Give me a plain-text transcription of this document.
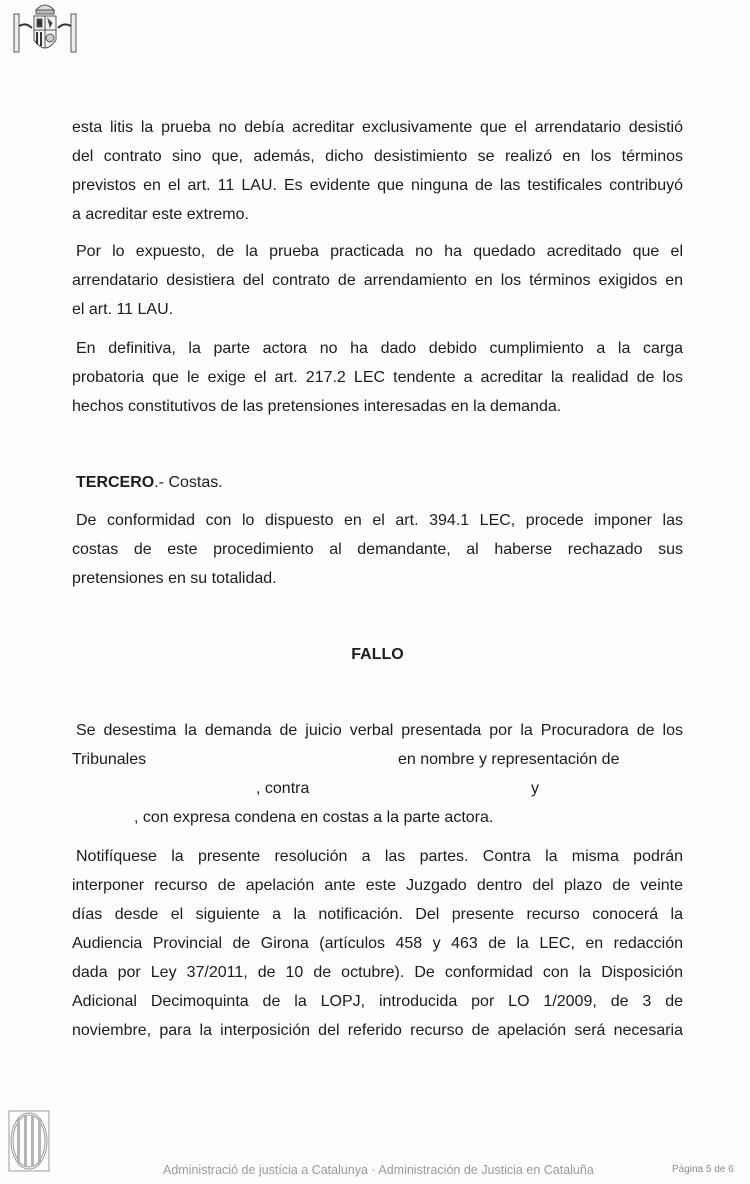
esta litis la prueba no debía acreditar exclusivamente que el arrendatario desistió
del contrato sino que, además, dicho desistimiento se realizó en los términos
previstos en el art. 11 LAU. Es evidente que ninguna de las testificales contribuyó
a acreditar este extremo.
Por lo expuesto, de la prueba practicada no ha quedado acreditado que el
arrendatario desistiera del contrato de arrendamiento en los términos exigidos en
el art. 11 LAU.
En definitiva, la parte actora no ha dado debido cumplimiento a la carga
probatoria que le exige el art. 217.2 LEC tendente a acreditar la realidad de los
hechos constitutivos de las pretensiones interesadas en la demanda.
TERCERO.- Costas.
De conformidad con lo dispuesto en el art. 394.1 LEC, procede imponer las
costas de este procedimiento al demandante, al haberse rechazado sus
pretensiones en su totalidad.
FALLO
Se desestima la demanda de juicio verbal presentada por la Procuradora de los
Tribunales	en nombre y representación de
, contra	y
, con expresa condena en costas a la parte actora.
Notifíquese la presente resolución a las partes. Contra la misma podrán
interponer recurso de apelación ante este Juzgado dentro del plazo de veinte
días desde el siguiente a la notificación. Del presente recurso conocerá la
Audiencia Provincial de Girona (artículos 458 y 463 de la LEC, en redacción
dada por Ley 37/2011, de 10 de octubre). De conformidad con la Disposición
Adicional Decimoquinta de la LOPJ, introducida por LO 1/2009, de 3 de
noviembre, para la interposición del referido recurso de apelación será necesaria
Administració de justícia a Catalunya · Administración de Justicia en Cataluña	Página 5 de 6
